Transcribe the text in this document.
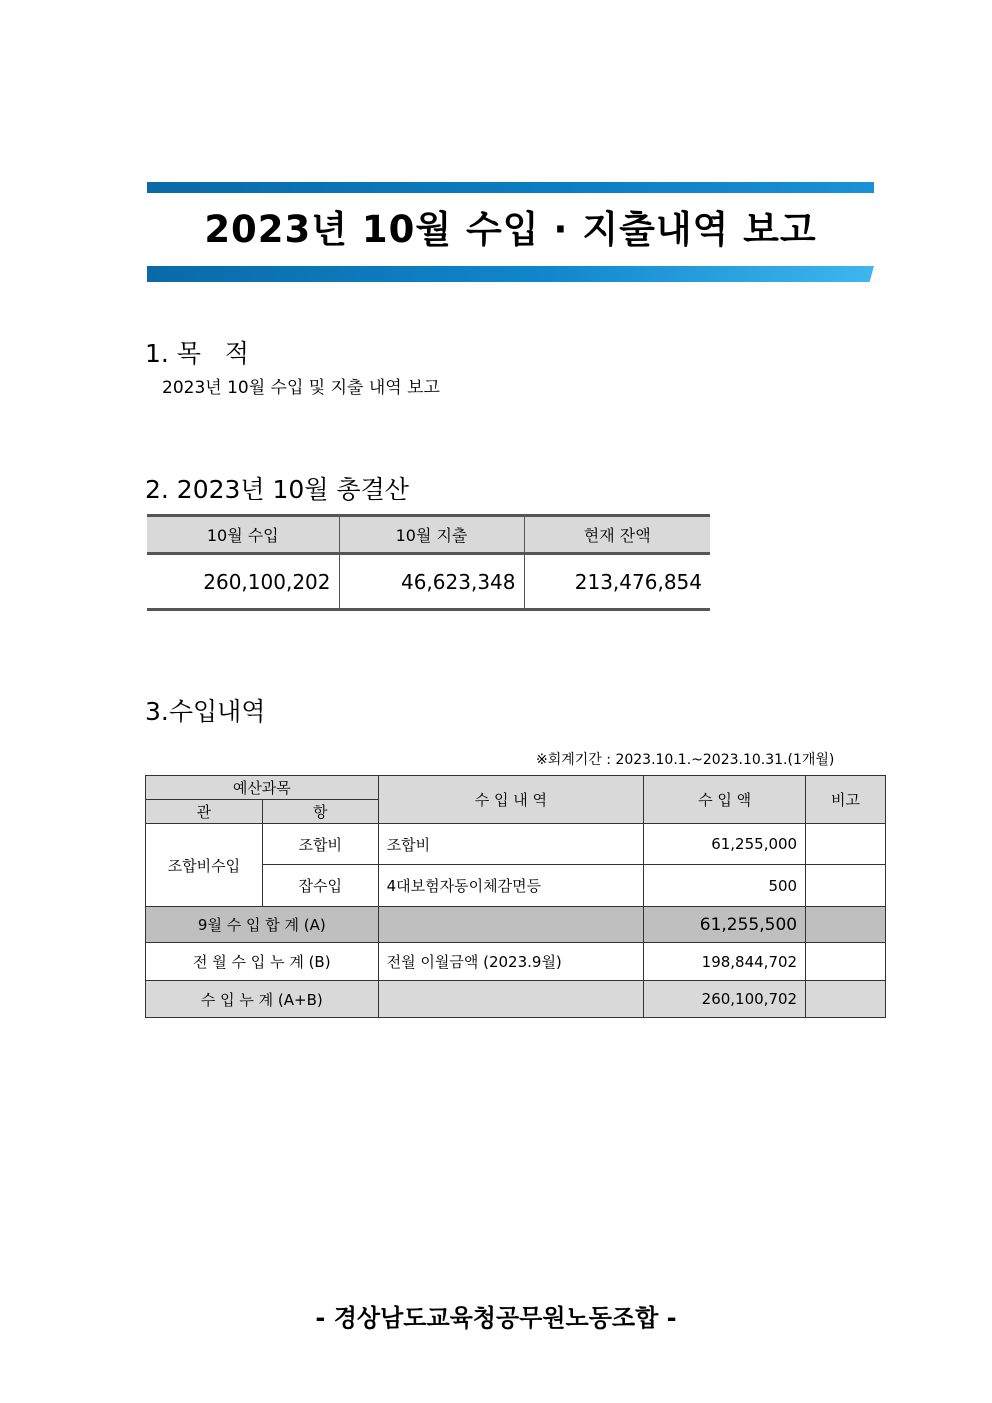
2023년 10월 수입 · 지출내역 보고
1. 목   적
2023년 10월 수입 및 지출 내역 보고
2. 2023년 10월 총결산
10월 수입	10월 지출	현재 잔액
260,100,202	46,623,348	213,476,854
3.수입내역
※회계기간 : 2023.10.1.~2023.10.31.(1개월)
예산과목		수 입 내 역	수 입 액	비고
관	항			
조합비수입	조합비	조합비	61,255,000	
	잡수입	4대보험자동이체감면등	500	
9월 수 입 합 계 (A)			61,255,500	
전 월 수 입 누 계 (B)		전월 이월금액 (2023.9월)	198,844,702	
수 입 누 계 (A+B)			260,100,702	
- 경상남도교육청공무원노동조합 -
